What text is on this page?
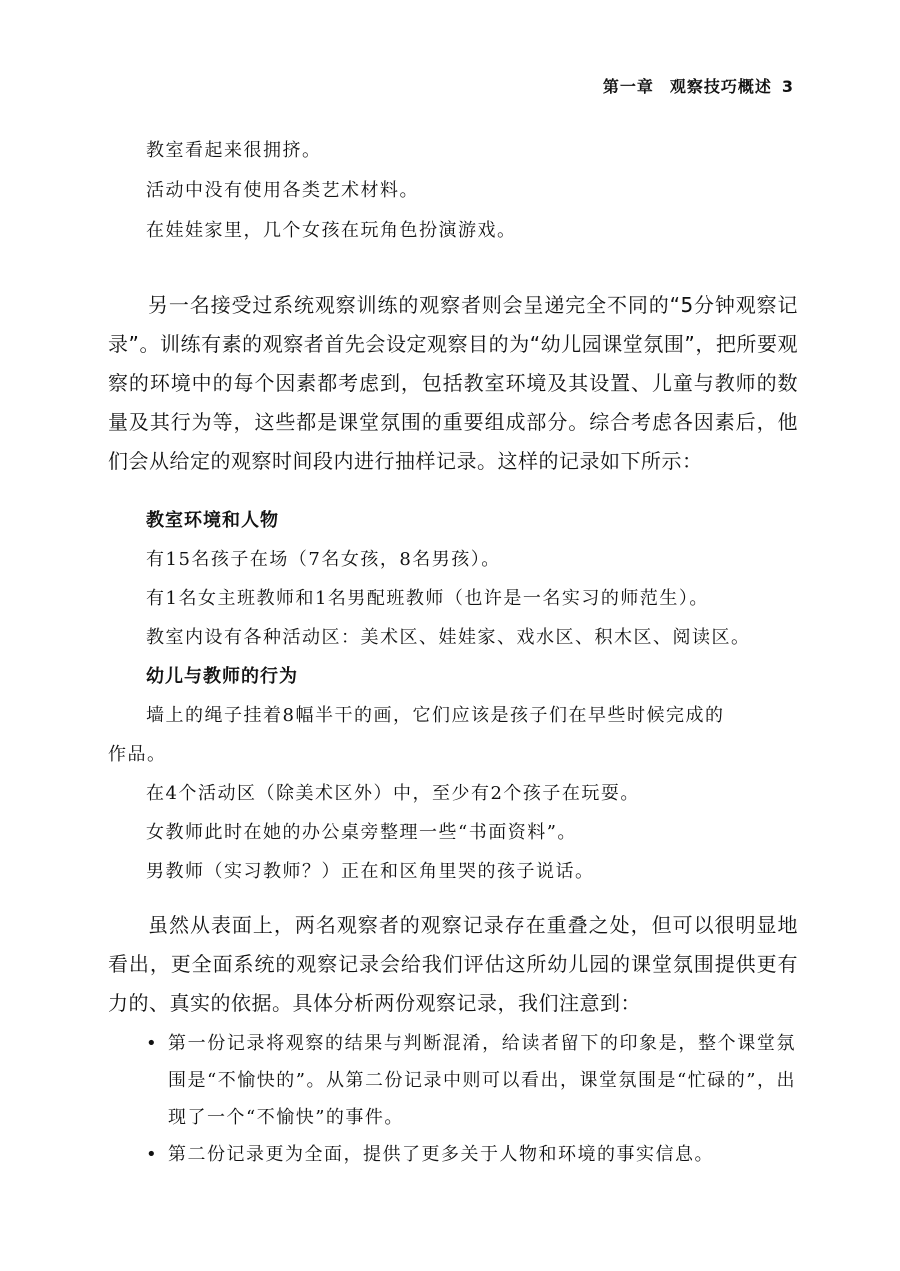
第一章 观察技巧概述 3
教室看起来很拥挤。
活动中没有使用各类艺术材料。
在娃娃家里，几个女孩在玩角色扮演游戏。

另一名接受过系统观察训练的观察者则会呈递完全不同的“5分钟观察记录”。训练有素的观察者首先会设定观察目的为“幼儿园课堂氛围”，把所要观察的环境中的每个因素都考虑到，包括教室环境及其设置、儿童与教师的数量及其行为等，这些都是课堂氛围的重要组成部分。综合考虑各因素后，他们会从给定的观察时间段内进行抽样记录。这样的记录如下所示：

教室环境和人物
有15名孩子在场（7名女孩，8名男孩）。
有1名女主班教师和1名男配班教师（也许是一名实习的师范生）。
教室内设有各种活动区：美术区、娃娃家、戏水区、积木区、阅读区。
幼儿与教师的行为
墙上的绳子挂着8幅半干的画，它们应该是孩子们在早些时候完成的
作品。
在4个活动区（除美术区外）中，至少有2个孩子在玩耍。
女教师此时在她的办公桌旁整理一些“书面资料”。
男教师（实习教师？）正在和区角里哭的孩子说话。

虽然从表面上，两名观察者的观察记录存在重叠之处，但可以很明显地看出，更全面系统的观察记录会给我们评估这所幼儿园的课堂氛围提供更有力的、真实的依据。具体分析两份观察记录，我们注意到：

• 第一份记录将观察的结果与判断混淆，给读者留下的印象是，整个课堂氛围是“不愉快的”。从第二份记录中则可以看出，课堂氛围是“忙碌的”，出现了一个“不愉快”的事件。
• 第二份记录更为全面，提供了更多关于人物和环境的事实信息。
